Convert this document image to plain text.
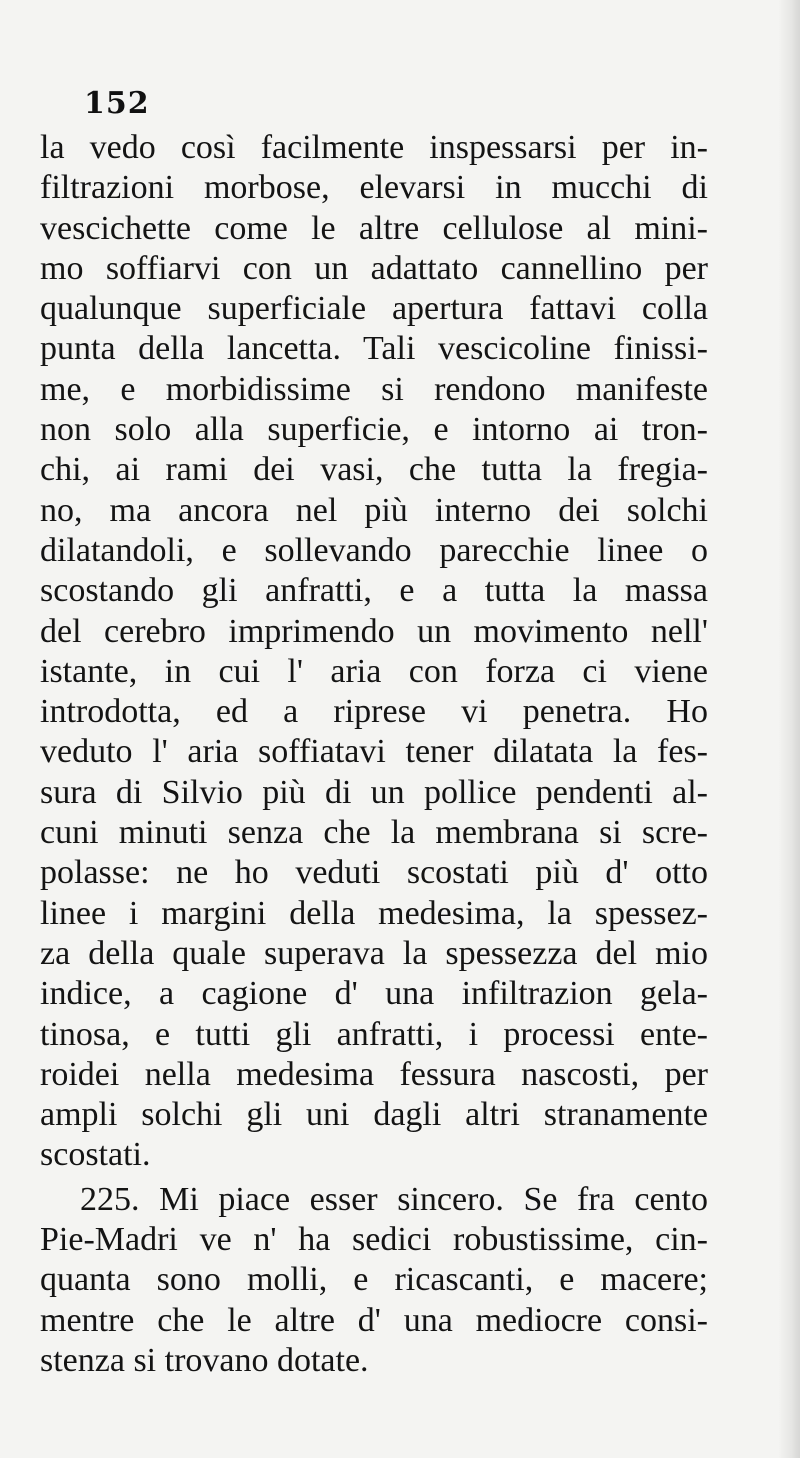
152
la vedo così facilmente inspessarsi per in-
filtrazioni morbose, elevarsi in mucchi di
vescichette come le altre cellulose al mini-
mo soffiarvi con un adattato cannellino per
qualunque superficiale apertura fattavi colla
punta della lancetta. Tali vescicoline finissi-
me, e morbidissime si rendono manifeste
non solo alla superficie, e intorno ai tron-
chi, ai rami dei vasi, che tutta la fregia-
no, ma ancora nel più interno dei solchi
dilatandoli, e sollevando parecchie linee o
scostando gli anfratti, e a tutta la massa
del cerebro imprimendo un movimento nell'
istante, in cui l' aria con forza ci viene
introdotta, ed a riprese vi penetra. Ho
veduto l' aria soffiatavi tener dilatata la fes-
sura di Silvio più di un pollice pendenti al-
cuni minuti senza che la membrana si scre-
polasse: ne ho veduti scostati più d' otto
linee i margini della medesima, la spessez-
za della quale superava la spessezza del mio
indice, a cagione d' una infiltrazion gela-
tinosa, e tutti gli anfratti, i processi ente-
roidei nella medesima fessura nascosti, per
ampli solchi gli uni dagli altri stranamente
scostati.
225. Mi piace esser sincero. Se fra cento
Pie-Madri ve n' ha sedici robustissime, cin-
quanta sono molli, e ricascanti, e macere;
mentre che le altre d' una mediocre consi-
stenza si trovano dotate.
